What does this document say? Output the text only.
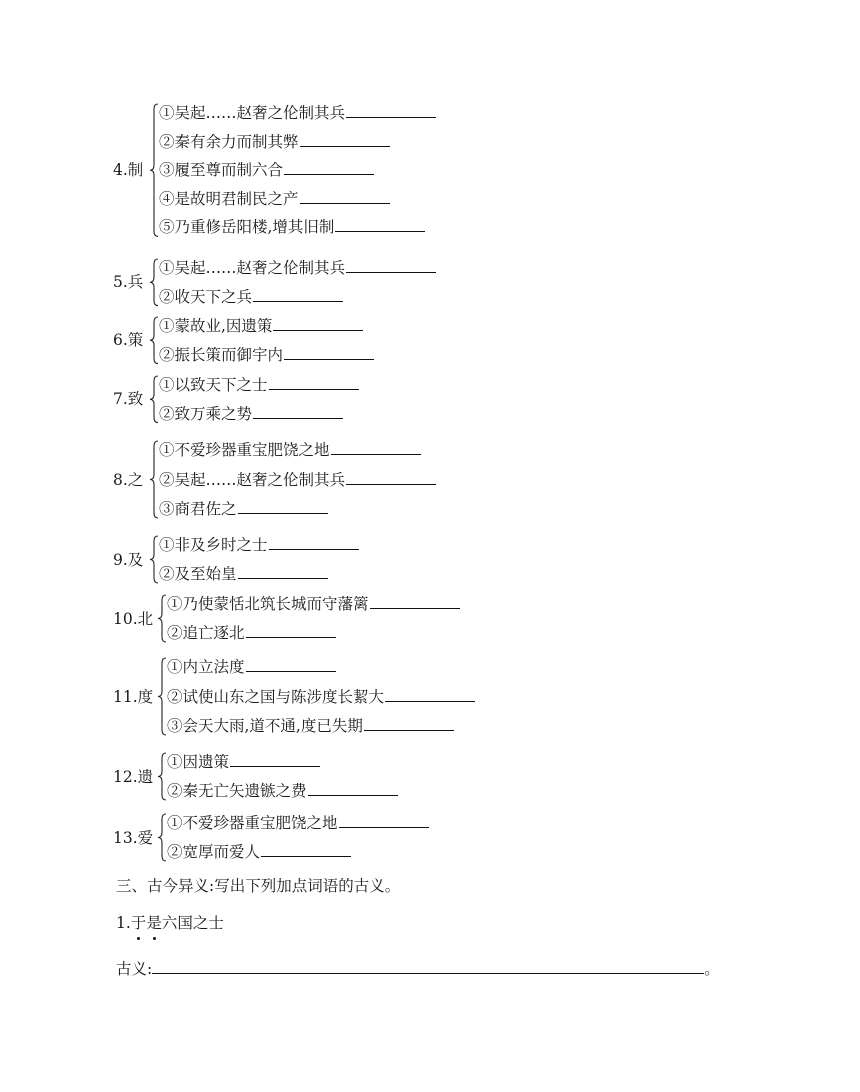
4.制
①吴起……赵奢之伦制其兵
②秦有余力而制其弊
③履至尊而制六合
④是故明君制民之产
⑤乃重修岳阳楼,增其旧制
5.兵
①吴起……赵奢之伦制其兵
②收天下之兵
6.策
①蒙故业,因遗策
②振长策而御宇内
7.致
①以致天下之士
②致万乘之势
8.之
①不爱珍器重宝肥饶之地
②吴起……赵奢之伦制其兵
③商君佐之
9.及
①非及乡时之士
②及至始皇
10.北
①乃使蒙恬北筑长城而守藩篱
②追亡逐北
11.度
①内立法度
②试使山东之国与陈涉度长絜大
③会天大雨,道不通,度已失期
12.遗
①因遗策
②秦无亡矢遗镞之费
13.爱
①不爱珍器重宝肥饶之地
②宽厚而爱人
三、古今异义:写出下列加点词语的古义。
1.于是六国之士
古义:	。
